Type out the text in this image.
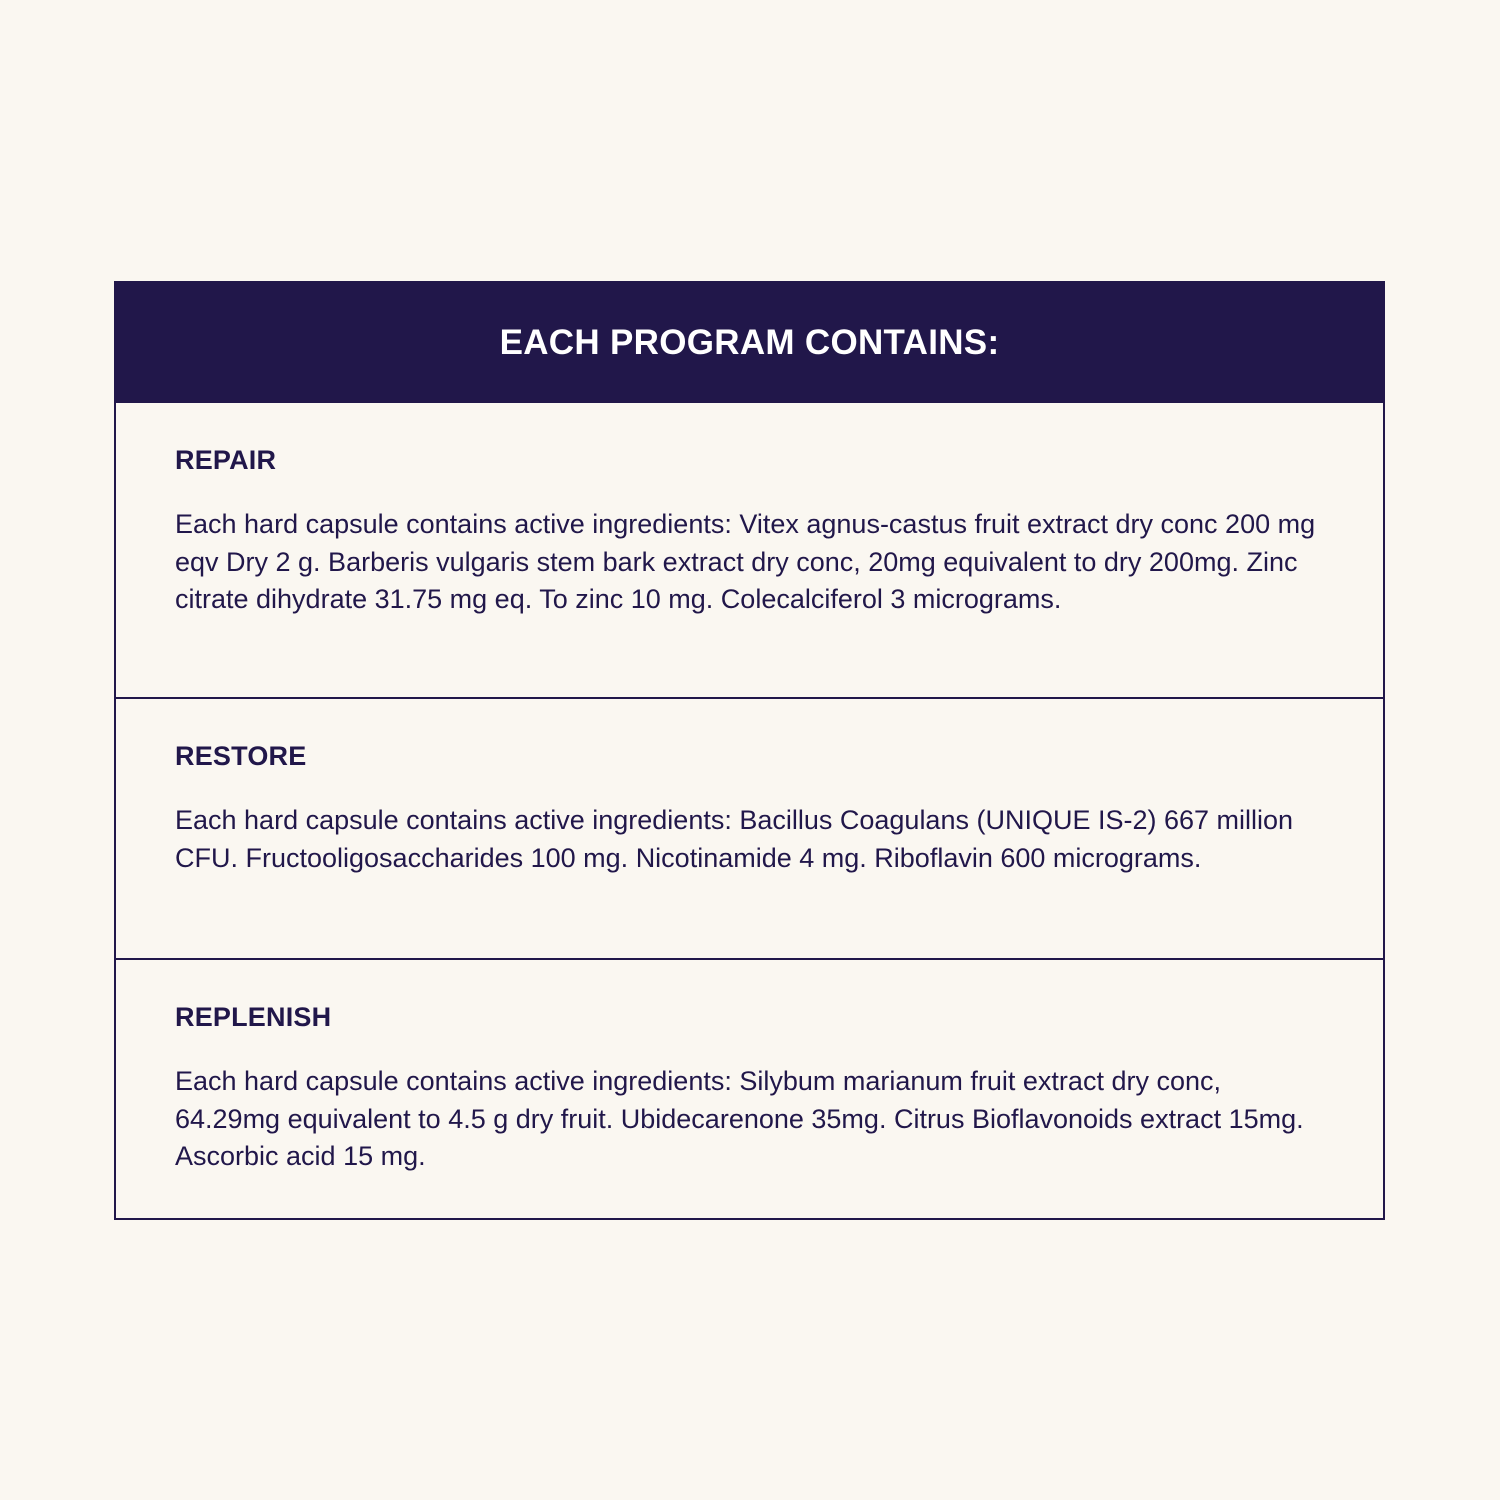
EACH PROGRAM CONTAINS:
REPAIR

Each hard capsule contains active ingredients: Vitex agnus-castus fruit extract dry conc 200 mg eqv Dry 2 g. Barberis vulgaris stem bark extract dry conc, 20mg equivalent to dry 200mg. Zinc citrate dihydrate 31.75 mg eq. To zinc 10 mg. Colecalciferol 3 micrograms.

RESTORE

Each hard capsule contains active ingredients: Bacillus Coagulans (UNIQUE IS-2) 667 million CFU. Fructooligosaccharides 100 mg. Nicotinamide 4 mg. Riboflavin 600 micrograms.

REPLENISH

Each hard capsule contains active ingredients: Silybum marianum fruit extract dry conc, 64.29mg equivalent to 4.5 g dry fruit. Ubidecarenone 35mg. Citrus Bioflavonoids extract 15mg. Ascorbic acid 15 mg.
